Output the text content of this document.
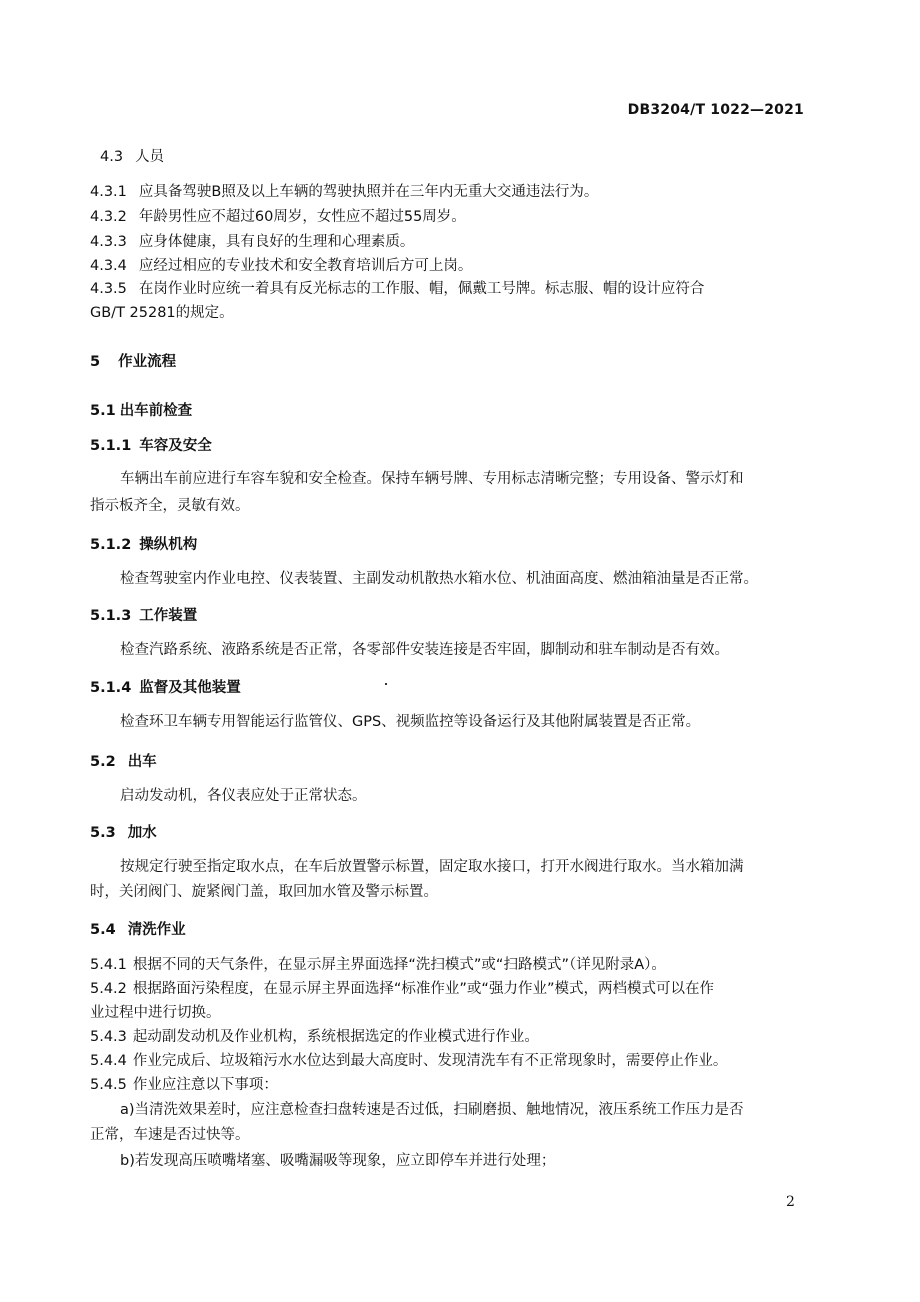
DB3204/T 1022—2021
4.3 人员
4.3.1 应具备驾驶B照及以上车辆的驾驶执照并在三年内无重大交通违法行为。
4.3.2 年龄男性应不超过60周岁，女性应不超过55周岁。
4.3.3 应身体健康，具有良好的生理和心理素质。
4.3.4 应经过相应的专业技术和安全教育培训后方可上岗。
4.3.5 在岗作业时应统一着具有反光标志的工作服、帽，佩戴工号牌。标志服、帽的设计应符合
GB/T 25281的规定。
5 作业流程
5.1 出车前检查
5.1.1 车容及安全
车辆出车前应进行车容车貌和安全检查。保持车辆号牌、专用标志清晰完整；专用设备、警示灯和
指示板齐全，灵敏有效。
5.1.2 操纵机构
检查驾驶室内作业电控、仪表装置、主副发动机散热水箱水位、机油面高度、燃油箱油量是否正常。
5.1.3 工作装置
检查汽路系统、液路系统是否正常，各零部件安装连接是否牢固，脚制动和驻车制动是否有效。
5.1.4 监督及其他装置
检查环卫车辆专用智能运行监管仪、GPS、视频监控等设备运行及其他附属装置是否正常。
5.2 出车
启动发动机，各仪表应处于正常状态。
5.3 加水
按规定行驶至指定取水点，在车后放置警示标置，固定取水接口，打开水阀进行取水。当水箱加满
时，关闭阀门、旋紧阀门盖，取回加水管及警示标置。
5.4 清洗作业
5.4.1 根据不同的天气条件，在显示屏主界面选择“洗扫模式”或“扫路模式”（详见附录A）。
5.4.2 根据路面污染程度，在显示屏主界面选择“标准作业”或“强力作业”模式，两档模式可以在作
业过程中进行切换。
5.4.3 起动副发动机及作业机构，系统根据选定的作业模式进行作业。
5.4.4 作业完成后、垃圾箱污水水位达到最大高度时、发现清洗车有不正常现象时，需要停止作业。
5.4.5 作业应注意以下事项：
a)当清洗效果差时，应注意检查扫盘转速是否过低，扫刷磨损、触地情况，液压系统工作压力是否
正常，车速是否过快等。
b)若发现高压喷嘴堵塞、吸嘴漏吸等现象，应立即停车并进行处理；
2
